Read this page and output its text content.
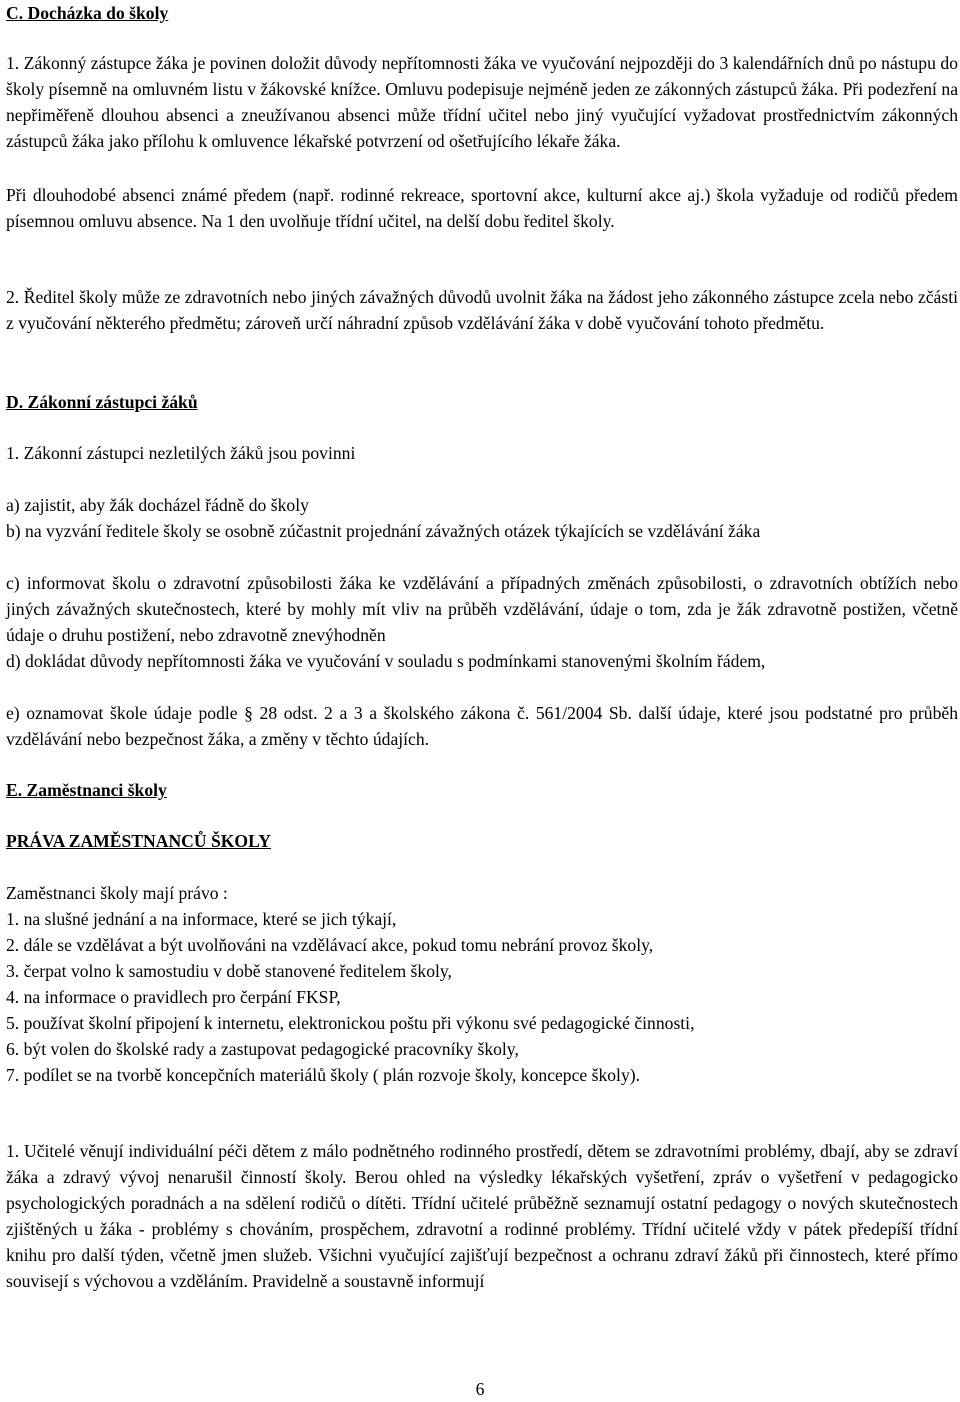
C. Docházka do školy

1. Zákonný zástupce žáka je povinen doložit důvody nepřítomnosti žáka ve vyučování nejpozději do 3 kalendářních dnů po nástupu do školy písemně na omluvném listu v žákovské knížce. Omluvu podepisuje nejméně jeden ze zákonných zástupců žáka. Při podezření na nepřiměřeně dlouhou absenci a zneužívanou absenci může třídní učitel nebo jiný vyučující vyžadovat prostřednictvím zákonných zástupců žáka jako přílohu k omluvence lékařské potvrzení od ošetřujícího lékaře žáka.

Při dlouhodobé absenci známé předem (např. rodinné rekreace, sportovní akce, kulturní akce aj.) škola vyžaduje od rodičů předem písemnou omluvu absence. Na 1 den uvolňuje třídní učitel, na delší dobu ředitel školy.

2. Ředitel školy může ze zdravotních nebo jiných závažných důvodů uvolnit žáka na žádost jeho zákonného zástupce zcela nebo zčásti z vyučování některého předmětu; zároveň určí náhradní způsob vzdělávání žáka v době vyučování tohoto předmětu.

D. Zákonní zástupci žáků

1. Zákonní zástupci nezletilých žáků jsou povinni

a) zajistit, aby žák docházel řádně do školy

b) na vyzvání ředitele školy se osobně zúčastnit projednání závažných otázek týkajících se vzdělávání žáka

c) informovat školu o zdravotní způsobilosti žáka ke vzdělávání a případných změnách způsobilosti, o zdravotních obtížích nebo jiných závažných skutečnostech, které by mohly mít vliv na průběh vzdělávání, údaje o tom, zda je žák zdravotně postižen, včetně údaje o druhu postižení, nebo zdravotně znevýhodněn

d) dokládat důvody nepřítomnosti žáka ve vyučování v souladu s podmínkami stanovenými školním řádem,

e) oznamovat škole údaje podle § 28 odst. 2 a 3 a školského zákona č. 561/2004 Sb. další údaje, které jsou podstatné pro průběh vzdělávání nebo bezpečnost žáka, a změny v těchto údajích.

E. Zaměstnanci školy
PRÁVA ZAMĚSTNANCŮ ŠKOLY

Zaměstnanci školy mají právo :

1. na slušné jednání a na informace, které se jich týkají,

2. dále se vzdělávat a být uvolňováni na vzdělávací akce, pokud tomu nebrání provoz školy,

3. čerpat volno k samostudiu v době stanovené ředitelem školy,

4. na informace o pravidlech pro čerpání FKSP,

5. používat školní připojení k internetu, elektronickou poštu při výkonu své pedagogické činnosti,

6. být volen do školské rady a zastupovat pedagogické pracovníky školy,

7. podílet se na tvorbě koncepčních materiálů školy ( plán rozvoje školy, koncepce školy).

1. Učitelé věnují individuální péči dětem z málo podnětného rodinného prostředí, dětem se zdravotními problémy, dbají, aby se zdraví žáka a zdravý vývoj nenarušil činností školy. Berou ohled na výsledky lékařských vyšetření, zpráv o vyšetření v pedagogicko psychologických poradnách a na sdělení rodičů o dítěti. Třídní učitelé průběžně seznamují ostatní pedagogy o nových skutečnostech zjištěných u žáka - problémy s chováním, prospěchem, zdravotní a rodinné problémy. Třídní učitelé vždy v pátek předepíší třídní knihu pro další týden, včetně jmen služeb. Všichni vyučující zajišťují bezpečnost a ochranu zdraví žáků při činnostech, které přímo souvisejí s výchovou a vzděláním. Pravidelně a soustavně informují

6
